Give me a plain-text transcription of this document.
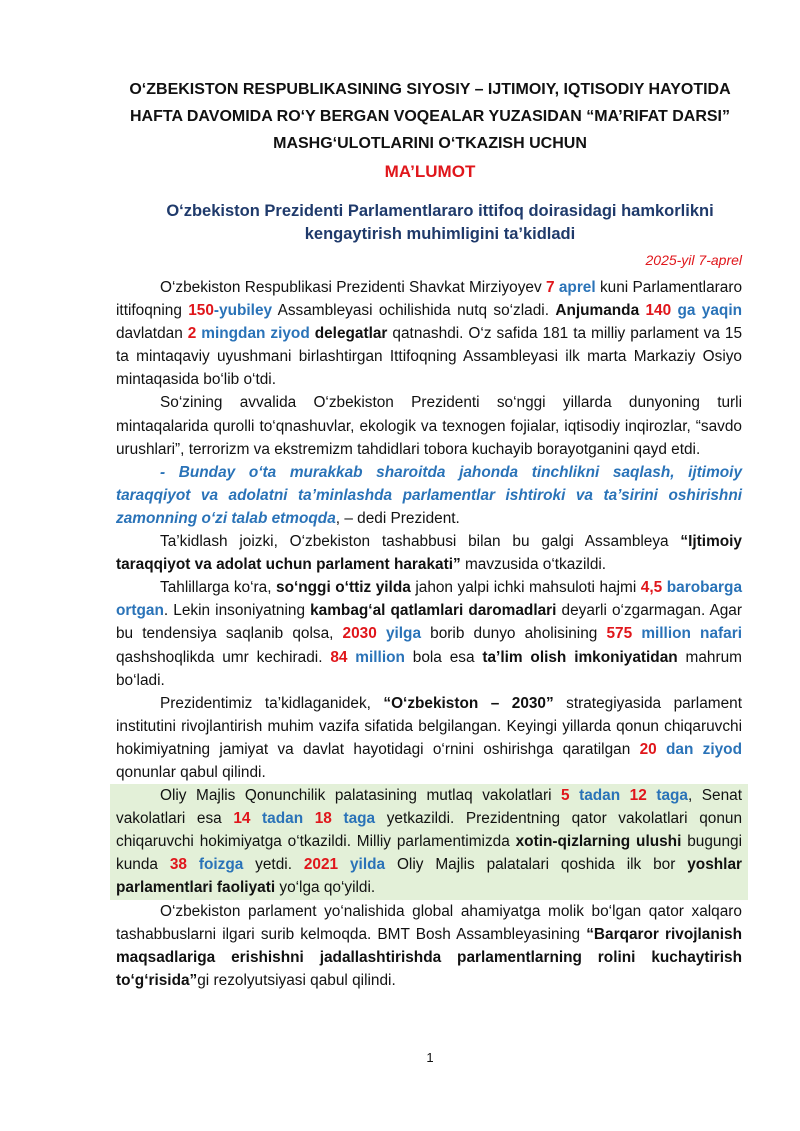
O‘ZBEKISTON RESPUBLIKASINING SIYOSIY – IJTIMOIY, IQTISODIY HAYOTIDA
HAFTA DAVOMIDA RO‘Y BERGAN VOQEALAR YUZASIDAN “MA’RIFAT DARSI”
MASHG‘ULOTLARINI O‘TKAZISH UCHUN
MA’LUMOT
O‘zbekiston Prezidenti Parlamentlararo ittifoq doirasidagi hamkorlikni
kengaytirish muhimligini ta’kidladi
2025-yil 7-aprel

O‘zbekiston Respublikasi Prezidenti Shavkat Mirziyoyev 7 aprel kuni Parlamentlararo ittifoqning 150-yubiley Assambleyasi ochilishida nutq so‘zladi. Anjumanda 140 ga yaqin davlatdan 2 mingdan ziyod delegatlar qatnashdi. O‘z safida 181 ta milliy parlament va 15 ta mintaqaviy uyushmani birlashtirgan Ittifoqning Assambleyasi ilk marta Markaziy Osiyo mintaqasida bo‘lib o‘tdi.

So‘zining avvalida O‘zbekiston Prezidenti so‘nggi yillarda dunyoning turli mintaqalarida qurolli to‘qnashuvlar, ekologik va texnogen fojialar, iqtisodiy inqirozlar, “savdo urushlari”, terrorizm va ekstremizm tahdidlari tobora kuchayib borayotganini qayd etdi.

- Bunday o‘ta murakkab sharoitda jahonda tinchlikni saqlash, ijtimoiy taraqqiyot va adolatni ta’minlashda parlamentlar ishtiroki va ta’sirini oshirishni zamonning o‘zi talab etmoqda, – dedi Prezident.

Ta’kidlash joizki, O‘zbekiston tashabbusi bilan bu galgi Assambleya “Ijtimoiy taraqqiyot va adolat uchun parlament harakati” mavzusida o‘tkazildi.

Tahlillarga ko‘ra, so‘nggi o‘ttiz yilda jahon yalpi ichki mahsuloti hajmi 4,5 barobarga ortgan. Lekin insoniyatning kambag‘al qatlamlari daromadlari deyarli o‘zgarmagan. Agar bu tendensiya saqlanib qolsa, 2030 yilga borib dunyo aholisining 575 million nafari qashshoqlikda umr kechiradi. 84 million bola esa ta’lim olish imkoniyatidan mahrum bo‘ladi.

Prezidentimiz ta’kidlaganidek, “O‘zbekiston – 2030” strategiyasida parlament institutini rivojlantirish muhim vazifa sifatida belgilangan. Keyingi yillarda qonun chiqaruvchi hokimiyatning jamiyat va davlat hayotidagi o‘rnini oshirishga qaratilgan 20 dan ziyod qonunlar qabul qilindi.

Oliy Majlis Qonunchilik palatasining mutlaq vakolatlari 5 tadan 12 taga, Senat vakolatlari esa 14 tadan 18 taga yetkazildi. Prezidentning qator vakolatlari qonun chiqaruvchi hokimiyatga o‘tkazildi. Milliy parlamentimizda xotin-qizlarning ulushi bugungi kunda 38 foizga yetdi. 2021 yilda Oliy Majlis palatalari qoshida ilk bor yoshlar parlamentlari faoliyati yo‘lga qo‘yildi.

O‘zbekiston parlament yo‘nalishida global ahamiyatga molik bo‘lgan qator xalqaro tashabbuslarni ilgari surib kelmoqda. BMT Bosh Assambleyasining “Barqaror rivojlanish maqsadlariga erishishni jadallashtirishda parlamentlarning rolini kuchaytirish to‘g‘risida”gi rezolyutsiyasi qabul qilindi.

1
